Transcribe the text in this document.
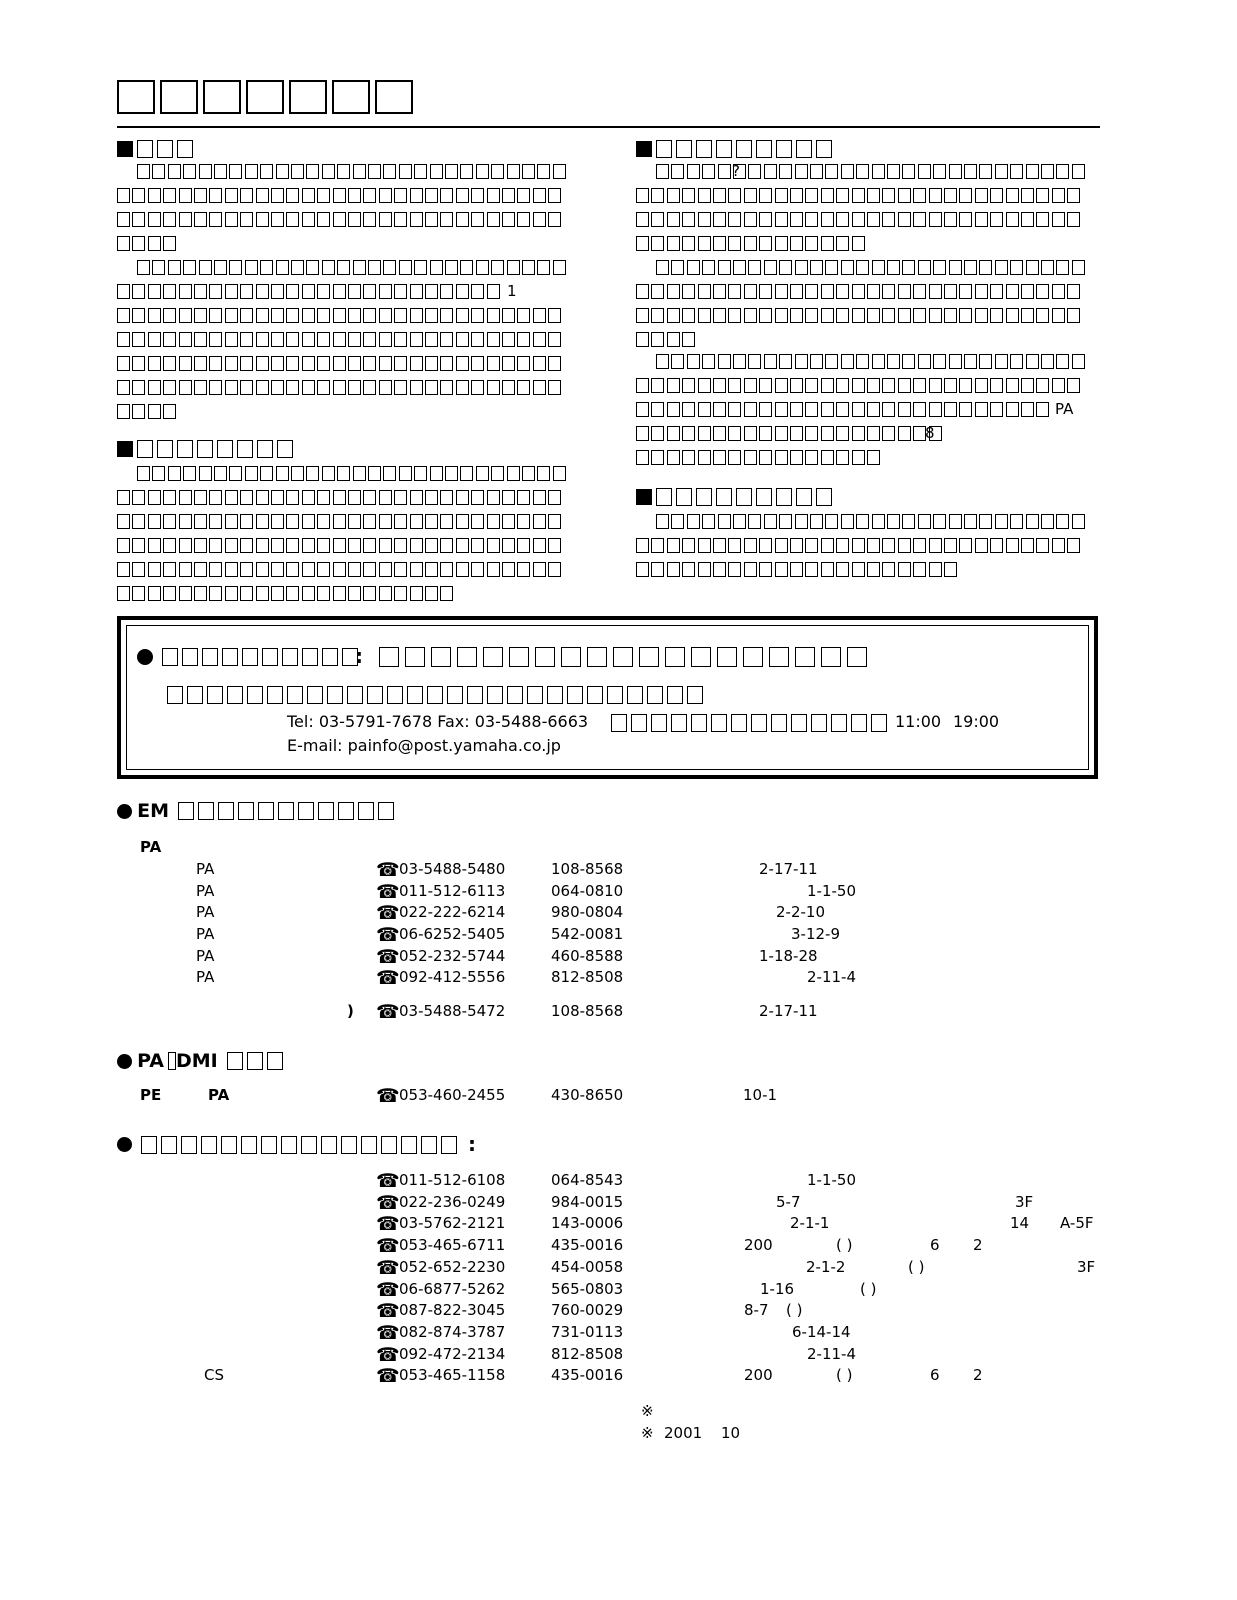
1
?
PA
8

:
Tel: 03-5791-7678 Fax: 03-5488-6663	11:00 19:00
E-mail: painfo@post.yamaha.co.jp
EM
PA
PA	☎ 03-5488-5480	108-8568	2-17-11
PA	☎ 011-512-6113	064-0810	1-1-50
PA	☎ 022-222-6214	980-0804	2-2-10
PA	☎ 06-6252-5405	542-0081	3-12-9
PA	☎ 052-232-5744	460-8588	1-18-28
PA	☎ 092-412-5556	812-8508	2-11-4
) ☎ 03-5488-5472	108-8568	2-17-11
PA DMI
PE	PA	☎ 053-460-2455	430-8650	10-1

:
☎ 011-512-6108	064-8543	1-1-50
☎ 022-236-0249	984-0015	5-7	3F
☎ 03-5762-2121	143-0006	2-1-1	14 A-5F
☎ 053-465-6711	435-0016	200	( )	6 2
☎ 052-652-2230	454-0058	2-1-2	( )	3F
☎ 06-6877-5262	565-0803	1-16	( )
☎ 087-822-3045	760-0029	8-7 ( )
☎ 082-874-3787	731-0113	6-14-14
☎ 092-472-2134	812-8508	2-11-4
CS	☎ 053-465-1158	435-0016	200	( )	6 2
※
※ 2001 10
